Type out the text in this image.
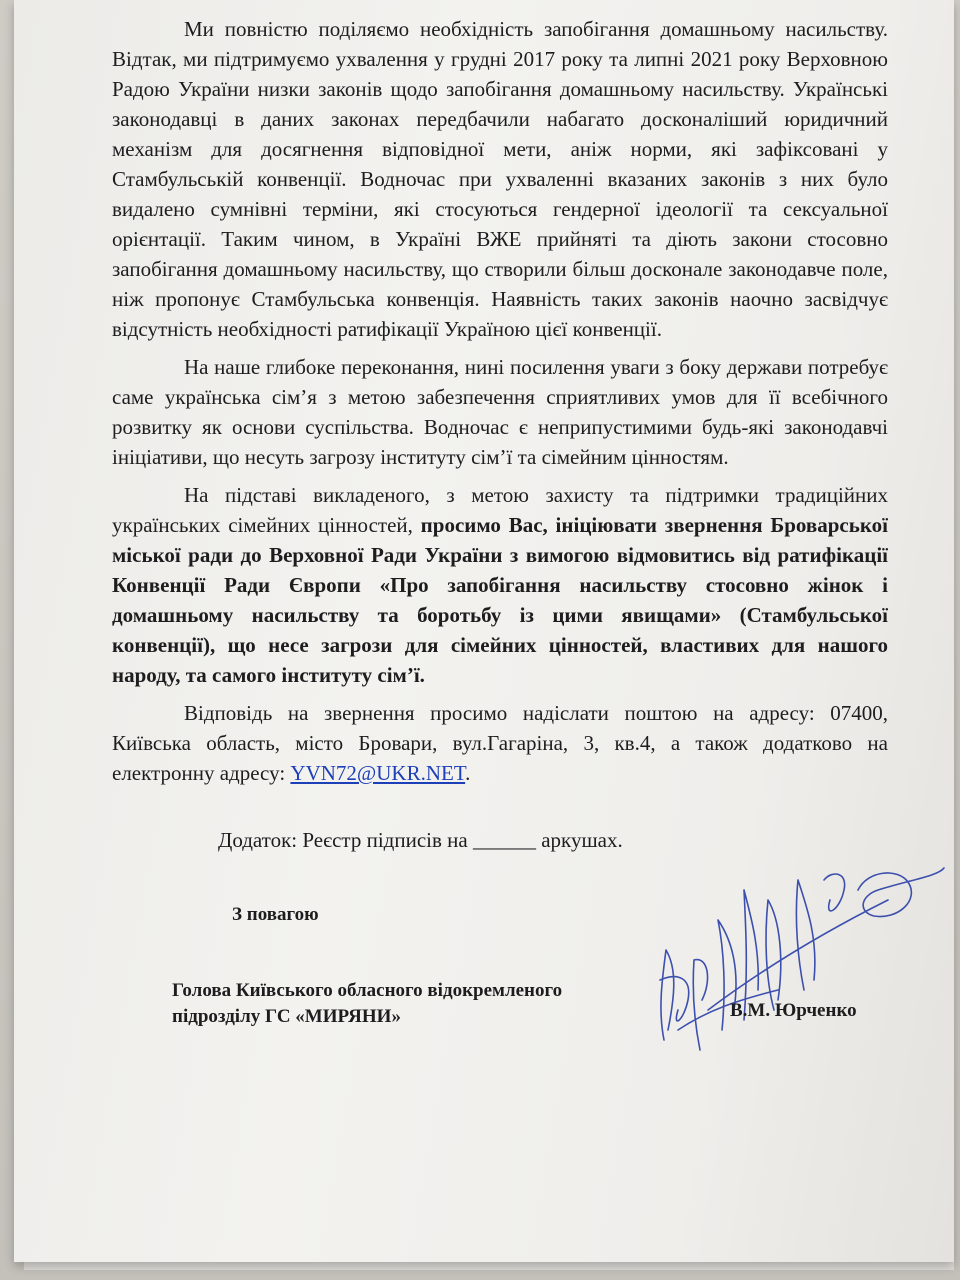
Ми повністю поділяємо необхідність запобігання домашньому насильству. Відтак, ми підтримуємо ухвалення у грудні 2017 року та липні 2021 року Верховною Радою України низки законів щодо запобігання домашньому насильству. Українські законодавці в даних законах передбачили набагато досконаліший юридичний механізм для досягнення відповідної мети, аніж норми, які зафіксовані у Стамбульській конвенції. Водночас при ухваленні вказаних законів з них було видалено сумнівні терміни, які стосуються гендерної ідеології та сексуальної орієнтації. Таким чином, в Україні ВЖЕ прийняті та діють закони стосовно запобігання домашньому насильству, що створили більш досконале законодавче поле, ніж пропонує Стамбульська конвенція. Наявність таких законів наочно засвідчує відсутність необхідності ратифікації Україною цієї конвенції.

На наше глибоке переконання, нині посилення уваги з боку держави потребує саме українська сім’я з метою забезпечення сприятливих умов для її всебічного розвитку як основи суспільства. Водночас є неприпустимими будь-які законодавчі ініціативи, що несуть загрозу інституту сім’ї та сімейним цінностям.

На підставі викладеного, з метою захисту та підтримки традиційних українських сімейних цінностей, просимо Вас, ініціювати звернення Броварської міської ради до Верховної Ради України з вимогою відмовитись від ратифікації Конвенції Ради Європи «Про запобігання насильству стосовно жінок і домашньому насильству та боротьбу із цими явищами» (Стамбульської конвенції), що несе загрози для сімейних цінностей, властивих для нашого народу, та самого інституту сім’ї.

Відповідь на звернення просимо надіслати поштою на адресу: 07400, Київська область, місто Бровари, вул.Гагаріна, 3, кв.4, а також додатково на електронну адресу: YVN72@UKR.NET.

Додаток: Реєстр підписів на ______ аркушах.
З повагою
Голова Київського обласного відокремленого підрозділу ГС «МИРЯНИ»	В.М. Юрченко
